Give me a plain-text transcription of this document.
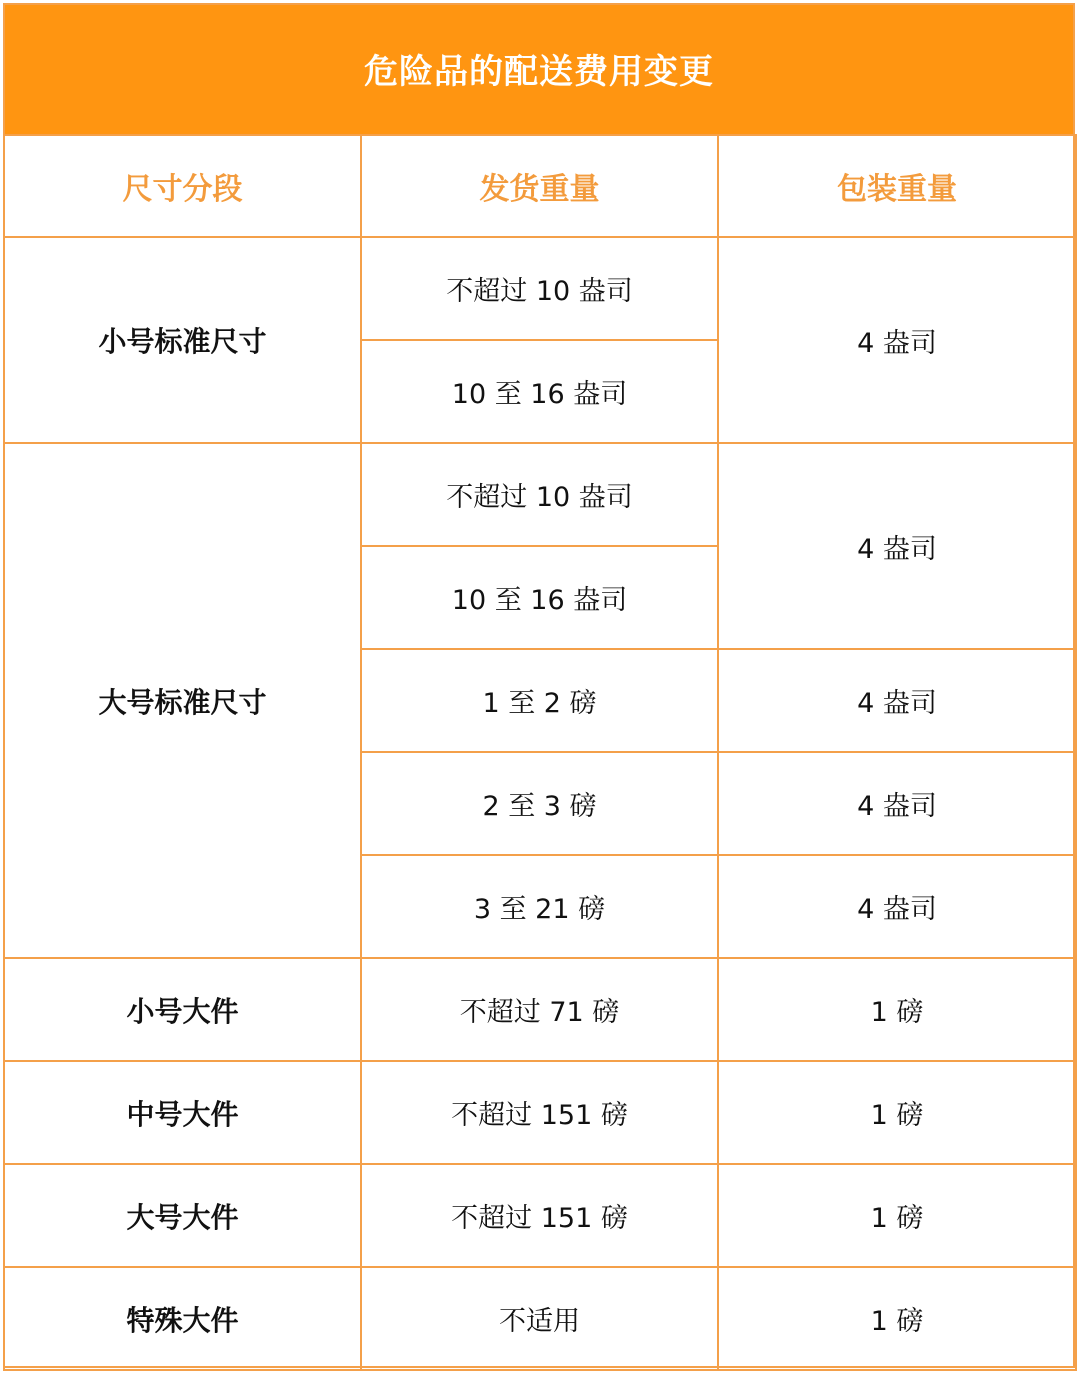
危险品的配送费用变更
尺寸分段	发货重量	包装重量
小号标准尺寸	不超过 10 盎司	4 盎司
	10 至 16 盎司	
大号标准尺寸	不超过 10 盎司	4 盎司
	10 至 16 盎司	
	1 至 2 磅	4 盎司
	2 至 3 磅	4 盎司
	3 至 21 磅	4 盎司
小号大件	不超过 71 磅	1 磅
中号大件	不超过 151 磅	1 磅
大号大件	不超过 151 磅	1 磅
特殊大件	不适用	1 磅
